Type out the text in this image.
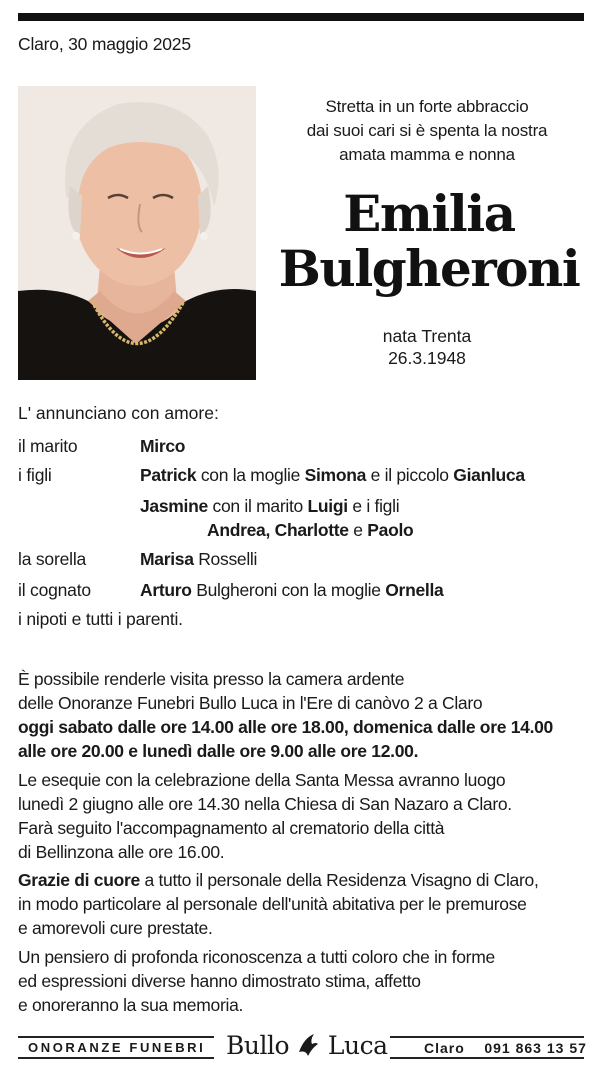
Claro, 30 maggio 2025
Stretta in un forte abbraccio
dai suoi cari si è spenta la nostra
amata mamma e nonna
Emilia
Bulgheroni
nata Trenta
26.3.1948
L' annunciano con amore:
il marito	Mirco
i figli	Patrick con la moglie Simona e il piccolo Gianluca
Jasmine con il marito Luigi e i figli
Andrea, Charlotte e Paolo
la sorella	Marisa Rosselli
il cognato	Arturo Bulgheroni con la moglie Ornella
i nipoti e tutti i parenti.

È possibile renderle visita presso la camera ardente

delle Onoranze Funebri Bullo Luca in l'Ere di canòvo 2 a Claro

oggi sabato dalle ore 14.00 alle ore 18.00, domenica dalle ore 14.00

alle ore 20.00 e lunedì dalle ore 9.00 alle ore 12.00.

Le esequie con la celebrazione della Santa Messa avranno luogo

lunedì 2 giugno alle ore 14.30 nella Chiesa di San Nazaro a Claro.

Farà seguito l'accompagnamento al crematorio della città

di Bellinzona alle ore 16.00.

Grazie di cuore a tutto il personale della Residenza Visagno di Claro,

in modo particolare al personale dell'unità abitativa per le premurose

e amorevoli cure prestate.

Un pensiero di profonda riconoscenza a tutti coloro che in forme

ed espressioni diverse hanno dimostrato stima, affetto

e onoreranno la sua memoria.

ONORANZE FUNEBRI Bullo Luca	Claro 091 863 13 57
